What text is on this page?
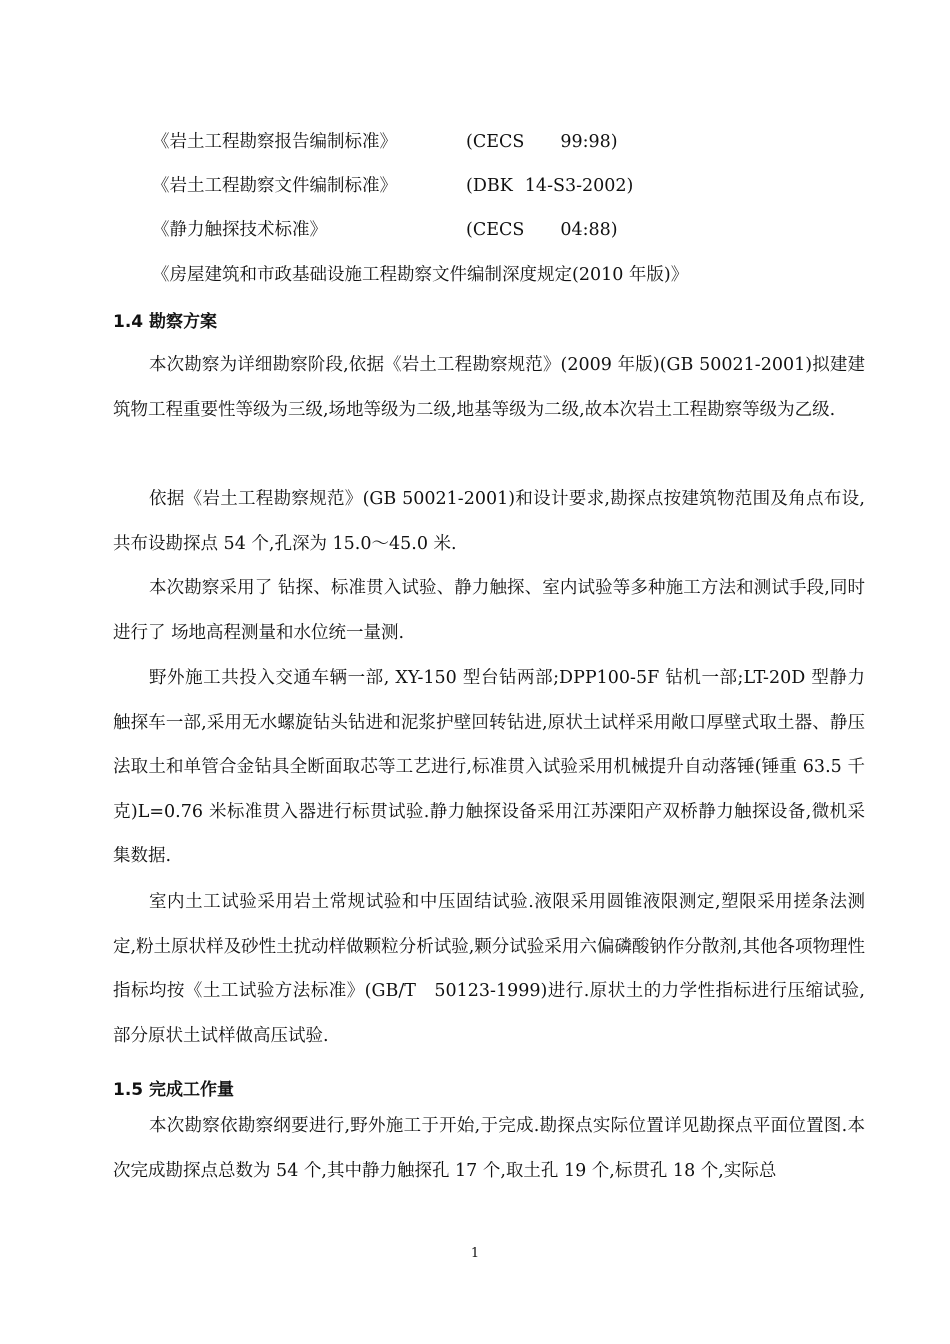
《岩土工程勘察报告编制标准》	(CECS 99:98)
《岩土工程勘察文件编制标准》	(DBK 14-S3-2002)
《静力触探技术标准》	(CECS 04:88)
《房屋建筑和市政基础设施工程勘察文件编制深度规定(2010 年版)》
1.4 勘察方案

本次勘察为详细勘察阶段,依据《岩土工程勘察规范》(2009 年版)(GB 50021-2001)拟建建筑物工程重要性等级为三级,场地等级为二级,地基等级为二级,故本次岩土工程勘察等级为乙级.

依据《岩土工程勘察规范》(GB 50021-2001)和设计要求,勘探点按建筑物范围及角点布设,共布设勘探点 54 个,孔深为 15.0～45.0 米.

本次勘察采用了 钻探、标准贯入试验、静力触探、室内试验等多种施工方法和测试手段,同时进行了 场地高程测量和水位统一量测.

野外施工共投入交通车辆一部, XY-150 型台钻两部;DPP100-5F 钻机一部;LT-20D 型静力触探车一部,采用无水螺旋钻头钻进和泥浆护壁回转钻进,原状土试样采用敞口厚壁式取土器、静压法取土和单管合金钻具全断面取芯等工艺进行,标准贯入试验采用机械提升自动落锤(锤重 63.5 千克)L=0.76 米标准贯入器进行标贯试验.静力触探设备采用江苏溧阳产双桥静力触探设备,微机采集数据.

室内土工试验采用岩土常规试验和中压固结试验.液限采用圆锥液限测定,塑限采用搓条法测定,粉土原状样及砂性土扰动样做颗粒分析试验,颗分试验采用六偏磷酸钠作分散剂,其他各项物理性指标均按《土工试验方法标准》(GB/T　50123-1999)进行.原状土的力学性指标进行压缩试验,部分原状土试样做高压试验.

1.5 完成工作量

本次勘察依勘察纲要进行,野外施工于开始,于完成.勘探点实际位置详见勘探点平面位置图.本次完成勘探点总数为 54 个,其中静力触探孔 17 个,取土孔 19 个,标贯孔 18 个,实际总

1
